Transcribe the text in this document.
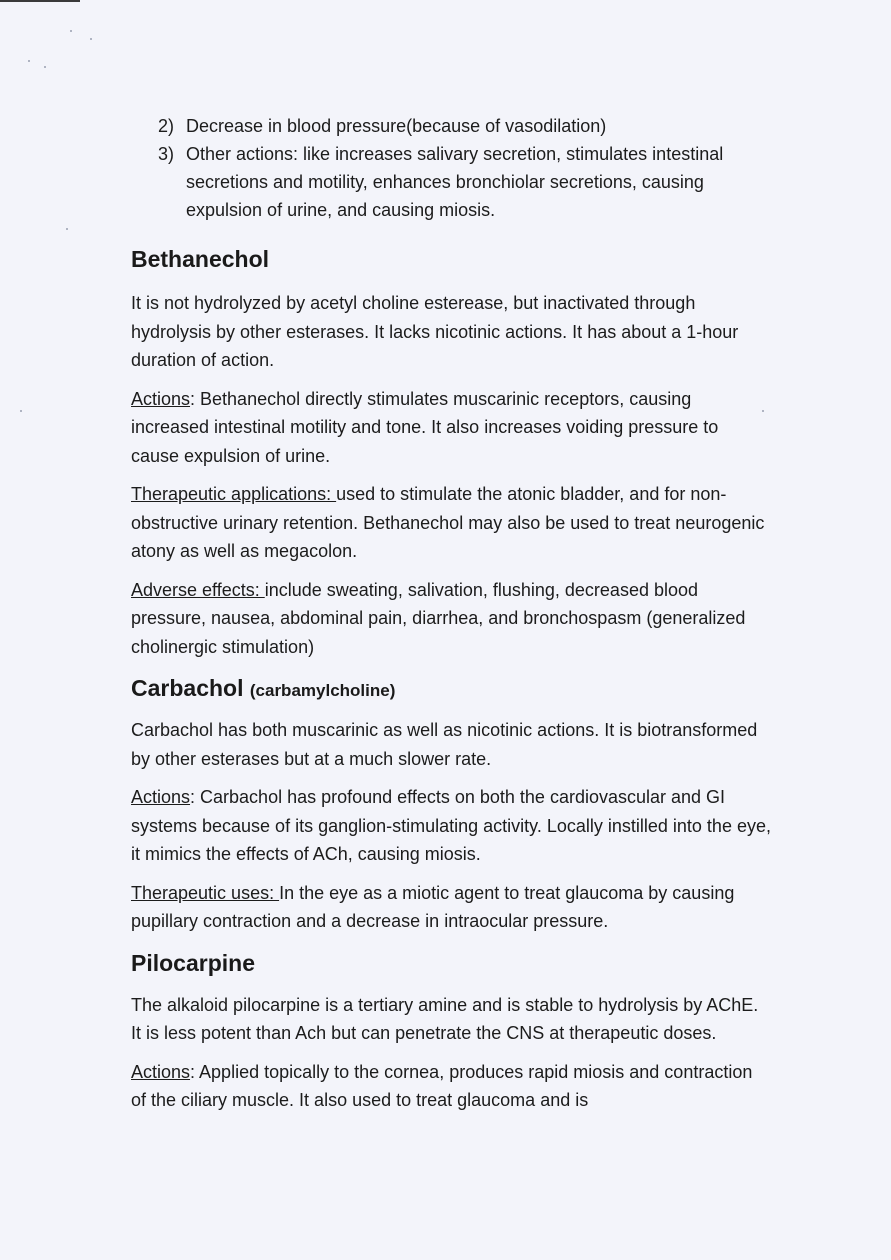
2) Decrease in blood pressure(because of vasodilation)
3) Other actions: like increases salivary secretion, stimulates intestinal secretions and motility, enhances bronchiolar secretions, causing expulsion of urine, and causing miosis.
Bethanechol

It is not hydrolyzed by acetyl choline esterease, but inactivated through hydrolysis by other esterases. It lacks nicotinic actions. It has about a 1-hour duration of action.

Actions: Bethanechol directly stimulates muscarinic receptors, causing increased intestinal motility and tone. It also increases voiding pressure to cause expulsion of urine.

Therapeutic applications: used to stimulate the atonic bladder, and for non-obstructive urinary retention. Bethanechol may also be used to treat neurogenic atony as well as megacolon.

Adverse effects: include sweating, salivation, flushing, decreased blood pressure, nausea, abdominal pain, diarrhea, and bronchospasm (generalized cholinergic stimulation)

Carbachol (carbamylcholine)

Carbachol has both muscarinic as well as nicotinic actions. It is biotransformed by other esterases but at a much slower rate.

Actions: Carbachol has profound effects on both the cardiovascular and GI systems because of its ganglion-stimulating activity. Locally instilled into the eye, it mimics the effects of ACh, causing miosis.

Therapeutic uses: In the eye as a miotic agent to treat glaucoma by causing pupillary contraction and a decrease in intraocular pressure.

Pilocarpine

The alkaloid pilocarpine is a tertiary amine and is stable to hydrolysis by AChE. It is less potent than Ach but can penetrate the CNS at therapeutic doses.

Actions: Applied topically to the cornea, produces rapid miosis and contraction of the ciliary muscle. It also used to treat glaucoma and is
